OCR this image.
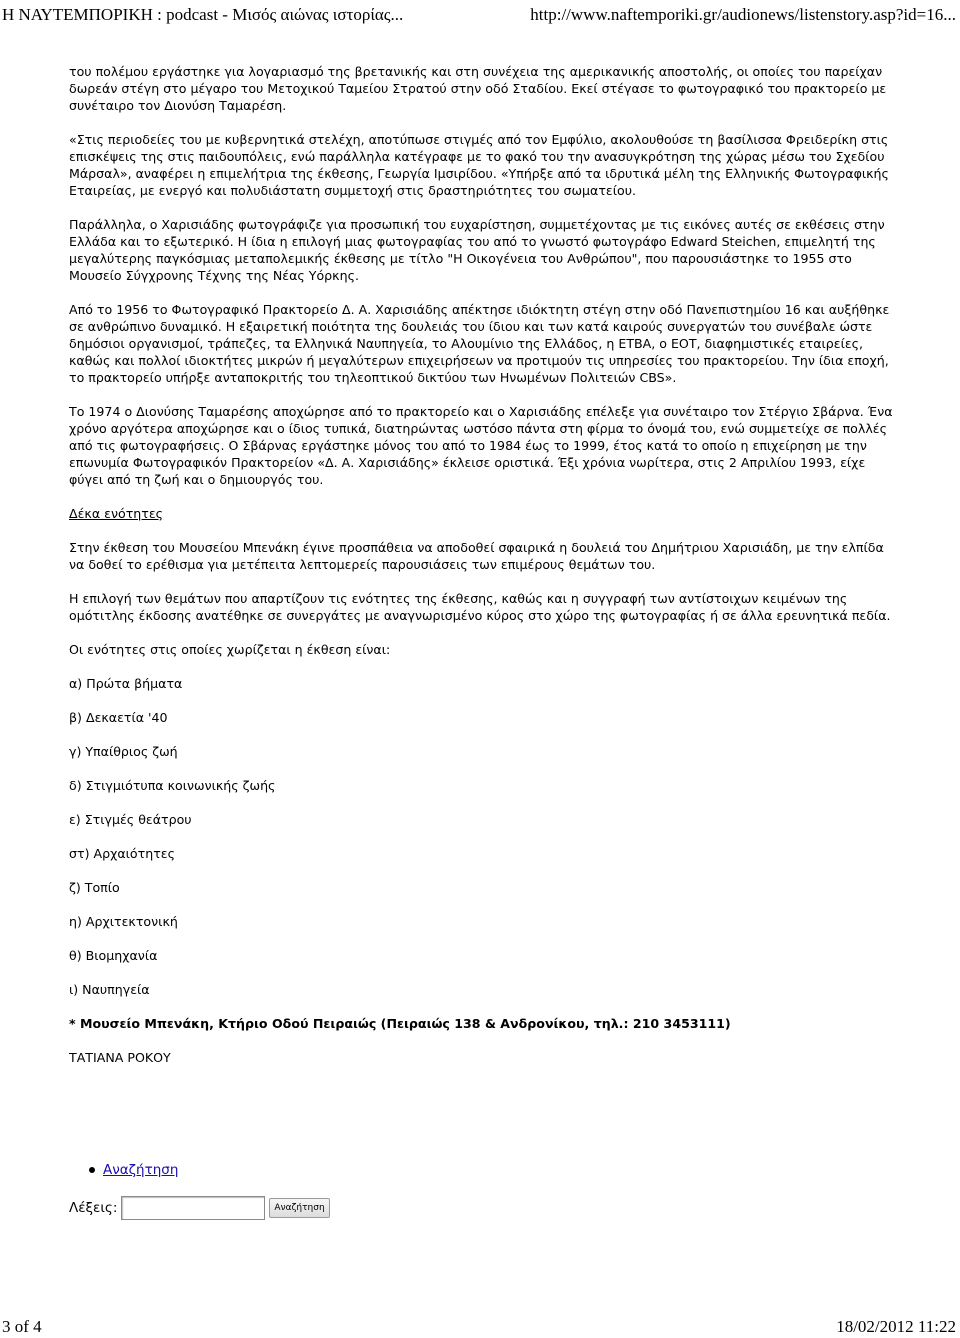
Η ΝΑΥΤΕΜΠΟΡΙΚΗ : podcast - Μισός αιώνας ιστορίας...	http://www.naftemporiki.gr/audionews/listenstory.asp?id=16...

του πολέμου εργάστηκε για λογαριασμό της βρετανικής και στη συνέχεια της αμερικανικής αποστολής, οι οποίες του παρείχαν δωρεάν στέγη στο μέγαρο του Μετοχικού Ταμείου Στρατού στην οδό Σταδίου. Εκεί στέγασε το φωτογραφικό του πρακτορείο με συνέταιρο τον Διονύση Ταμαρέση.

«Στις περιοδείες του με κυβερνητικά στελέχη, αποτύπωσε στιγμές από τον Εμφύλιο, ακολουθούσε τη βασίλισσα Φρειδερίκη στις επισκέψεις της στις παιδουπόλεις, ενώ παράλληλα κατέγραφε με το φακό του την ανασυγκρότηση της χώρας μέσω του Σχεδίου Μάρσαλ», αναφέρει η επιμελήτρια της έκθεσης, Γεωργία Ιμσιρίδου. «Υπήρξε από τα ιδρυτικά μέλη της Ελληνικής Φωτογραφικής Εταιρείας, με ενεργό και πολυδιάστατη συμμετοχή στις δραστηριότητες του σωματείου.

Παράλληλα, ο Χαρισιάδης φωτογράφιζε για προσωπική του ευχαρίστηση, συμμετέχοντας με τις εικόνες αυτές σε εκθέσεις στην Ελλάδα και το εξωτερικό. Η ίδια η επιλογή μιας φωτογραφίας του από το γνωστό φωτογράφο Edward Steichen, επιμελητή της μεγαλύτερης παγκόσμιας μεταπολεμικής έκθεσης με τίτλο "Η Οικογένεια του Ανθρώπου", που παρουσιάστηκε το 1955 στο Μουσείο Σύγχρονης Τέχνης της Νέας Υόρκης.

Από το 1956 το Φωτογραφικό Πρακτορείο Δ. Α. Χαρισιάδης απέκτησε ιδιόκτητη στέγη στην οδό Πανεπιστημίου 16 και αυξήθηκε σε ανθρώπινο δυναμικό. Η εξαιρετική ποιότητα της δουλειάς του ίδιου και των κατά καιρούς συνεργατών του συνέβαλε ώστε δημόσιοι οργανισμοί, τράπεζες, τα Ελληνικά Ναυπηγεία, το Αλουμίνιο της Ελλάδος, η ΕΤΒΑ, ο ΕΟΤ, διαφημιστικές εταιρείες, καθώς και πολλοί ιδιοκτήτες μικρών ή μεγαλύτερων επιχειρήσεων να προτιμούν τις υπηρεσίες του πρακτορείου. Την ίδια εποχή, το πρακτορείο υπήρξε ανταποκριτής του τηλεοπτικού δικτύου των Ηνωμένων Πολιτειών CBS».

Το 1974 ο Διονύσης Ταμαρέσης αποχώρησε από το πρακτορείο και ο Χαρισιάδης επέλεξε για συνέταιρο τον Στέργιο Σβάρνα. Ένα χρόνο αργότερα αποχώρησε και ο ίδιος τυπικά, διατηρώντας ωστόσο πάντα στη φίρμα το όνομά του, ενώ συμμετείχε σε πολλές από τις φωτογραφήσεις. Ο Σβάρνας εργάστηκε μόνος του από το 1984 έως το 1999, έτος κατά το οποίο η επιχείρηση με την επωνυμία Φωτογραφικόν Πρακτορείον «Δ. Α. Χαρισιάδης» έκλεισε οριστικά. Έξι χρόνια νωρίτερα, στις 2 Απριλίου 1993, είχε φύγει από τη ζωή και ο δημιουργός του.

Δέκα ενότητες

Στην έκθεση του Μουσείου Μπενάκη έγινε προσπάθεια να αποδοθεί σφαιρικά η δουλειά του Δημήτριου Χαρισιάδη, με την ελπίδα να δοθεί το ερέθισμα για μετέπειτα λεπτομερείς παρουσιάσεις των επιμέρους θεμάτων του.

Η επιλογή των θεμάτων που απαρτίζουν τις ενότητες της έκθεσης, καθώς και η συγγραφή των αντίστοιχων κειμένων της ομότιτλης έκδοσης ανατέθηκε σε συνεργάτες με αναγνωρισμένο κύρος στο χώρο της φωτογραφίας ή σε άλλα ερευνητικά πεδία.

Οι ενότητες στις οποίες χωρίζεται η έκθεση είναι:

α) Πρώτα βήματα
β) Δεκαετία '40
γ) Υπαίθριος ζωή
δ) Στιγμιότυπα κοινωνικής ζωής
ε) Στιγμές θεάτρου
στ) Αρχαιότητες
ζ) Τοπίο
η) Αρχιτεκτονική
θ) Βιομηχανία
ι) Ναυπηγεία

* Μουσείο Μπενάκη, Κτήριο Οδού Πειραιώς (Πειραιώς 138 & Ανδρονίκου, τηλ.: 210 3453111)

ΤΑΤΙΑΝΑ ΡΟΚΟΥ

Αναζήτηση
Λέξεις:	Αναζήτηση
3 of 4	18/02/2012 11:22
